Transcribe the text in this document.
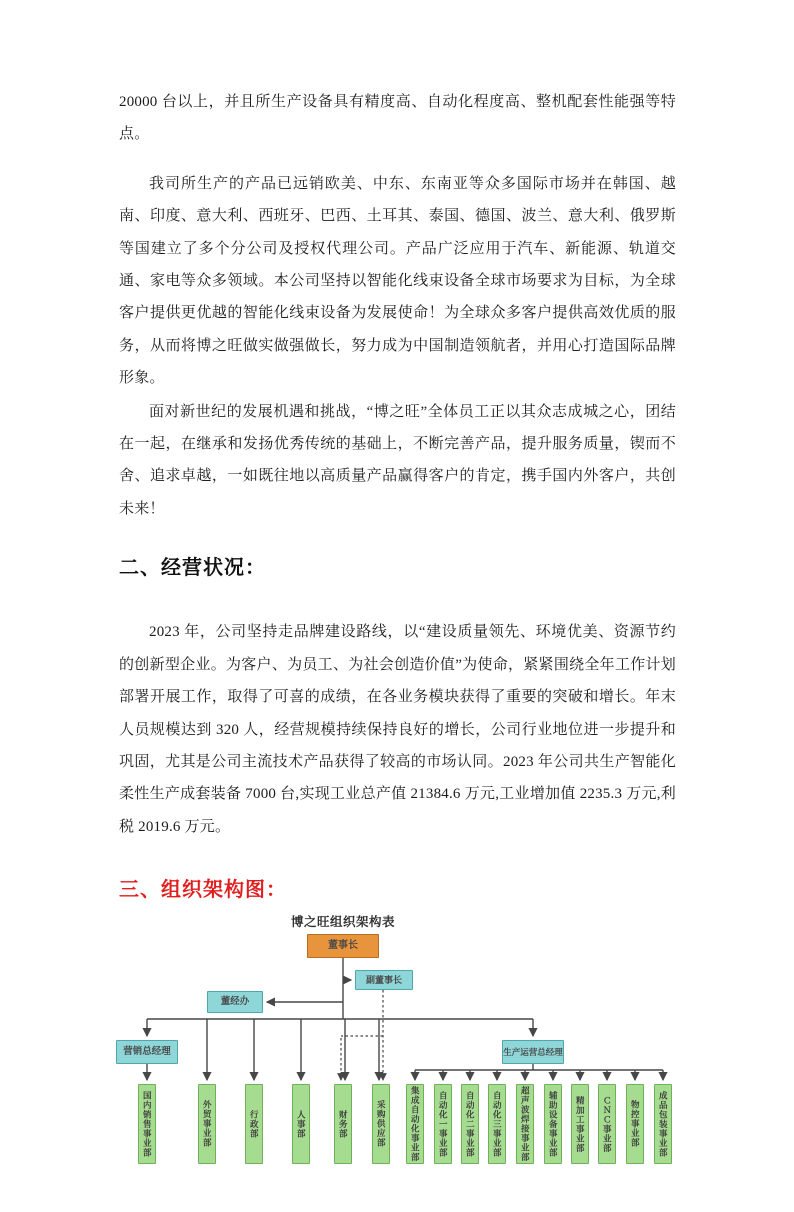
20000 台以上，并且所生产设备具有精度高、自动化程度高、整机配套性能强等特点。

我司所生产的产品已远销欧美、中东、东南亚等众多国际市场并在韩国、越南、印度、意大利、西班牙、巴西、土耳其、泰国、德国、波兰、意大利、俄罗斯等国建立了多个分公司及授权代理公司。产品广泛应用于汽车、新能源、轨道交通、家电等众多领域。本公司坚持以智能化线束设备全球市场要求为目标，为全球客户提供更优越的智能化线束设备为发展使命！为全球众多客户提供高效优质的服务，从而将博之旺做实做强做长，努力成为中国制造领航者，并用心打造国际品牌形象。

面对新世纪的发展机遇和挑战，“博之旺”全体员工正以其众志成城之心，团结在一起，在继承和发扬优秀传统的基础上，不断完善产品，提升服务质量，锲而不舍、追求卓越，一如既往地以高质量产品赢得客户的肯定，携手国内外客户，共创未来！

二、经营状况：

2023 年，公司坚持走品牌建设路线，以“建设质量领先、环境优美、资源节约的创新型企业。为客户、为员工、为社会创造价值”为使命，紧紧围绕全年工作计划部署开展工作，取得了可喜的成绩，在各业务模块获得了重要的突破和增长。年末人员规模达到 320 人，经营规模持续保持良好的增长，公司行业地位进一步提升和巩固，尤其是公司主流技术产品获得了较高的市场认同。2023 年公司共生产智能化柔性生产成套装备 7000 台,实现工业总产值 21384.6 万元,工业增加值 2235.3 万元,利税 2019.6 万元。

三、组织架构图：
博之旺组织架构表
董事长
副董事长
董经办
营销总经理	生产运营总经理
国内销售事业部	外贸事业部	行政部	人事部	财务部	采购供应部	集成自动化事业部	自动化一事业部	自动化二事业部	自动化三事业部	超声波焊接事业部	辅助设备事业部	精加工事业部	ＣＮＣ事业部	物控事业部	成品包装事业部
